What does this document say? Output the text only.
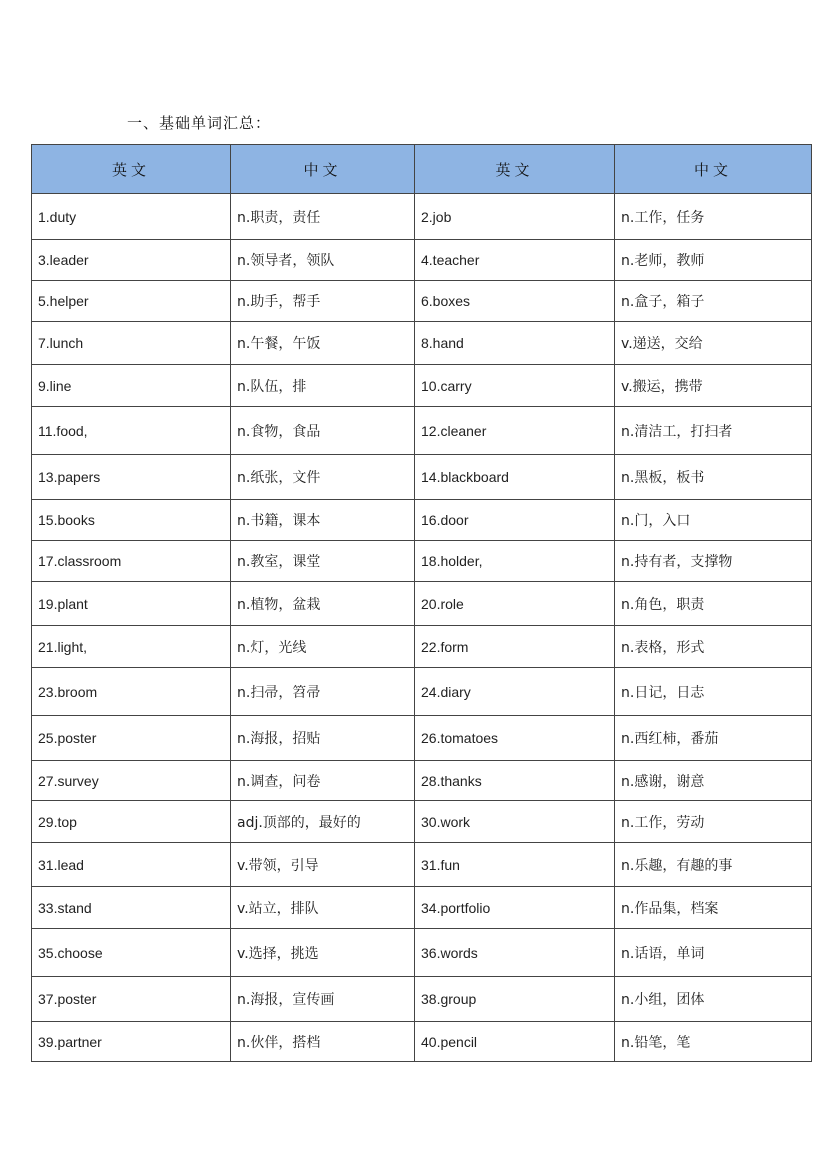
一、基础单词汇总：
英文	中文	英文	中文
1.duty	n.职责，责任	2.job	n.工作，任务
3.leader	n.领导者，领队	4.teacher	n.老师，教师
5.helper	n.助手，帮手	6.boxes	n.盒子，箱子
7.lunch	n.午餐，午饭	8.hand	v.递送，交给
9.line	n.队伍，排	10.carry	v.搬运，携带
11.food,	n.食物，食品	12.cleaner	n.清洁工，打扫者
13.papers	n.纸张，文件	14.blackboard	n.黑板，板书
15.books	n.书籍，课本	16.door	n.门，入口
17.classroom	n.教室，课堂	18.holder,	n.持有者，支撑物
19.plant	n.植物，盆栽	20.role	n.角色，职责
21.light,	n.灯，光线	22.form	n.表格，形式
23.broom	n.扫帚，笤帚	24.diary	n.日记，日志
25.poster	n.海报，招贴	26.tomatoes	n.西红柿，番茄
27.survey	n.调查，问卷	28.thanks	n.感谢，谢意
29.top	adj.顶部的，最好的	30.work	n.工作，劳动
31.lead	v.带领，引导	31.fun	n.乐趣，有趣的事
33.stand	v.站立，排队	34.portfolio	n.作品集，档案
35.choose	v.选择，挑选	36.words	n.话语，单词
37.poster	n.海报，宣传画	38.group	n.小组，团体
39.partner	n.伙伴，搭档	40.pencil	n.铅笔，笔
